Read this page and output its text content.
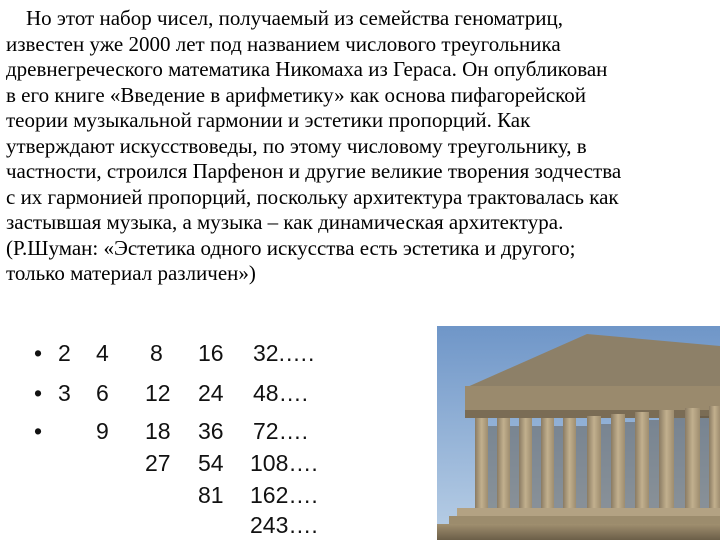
Но этот набор чисел, получаемый из семейства геноматриц,
известен уже 2000 лет под названием числового треугольника
древнегреческого математика Никомаха из Гераса. Он опубликован
в его книге «Введение в арифметику» как основа пифагорейской
теории музыкальной гармонии и эстетики пропорций. Как
утверждают искусствоведы, по этому числовому треугольнику, в
частности, строился Парфенон и другие великие творения зодчества
с их гармонией пропорций, поскольку архитектура трактовалась как
застывшая музыка, а музыка – как динамическая архитектура.
(Р.Шуман: «Эстетика одного искусства есть эстетика и другого;
только материал различен»)
• 2 4 8 16 32.….
• 3 6 12 24 48….
• 9 18 36 72….
27 54 108….
81 162….
243….
